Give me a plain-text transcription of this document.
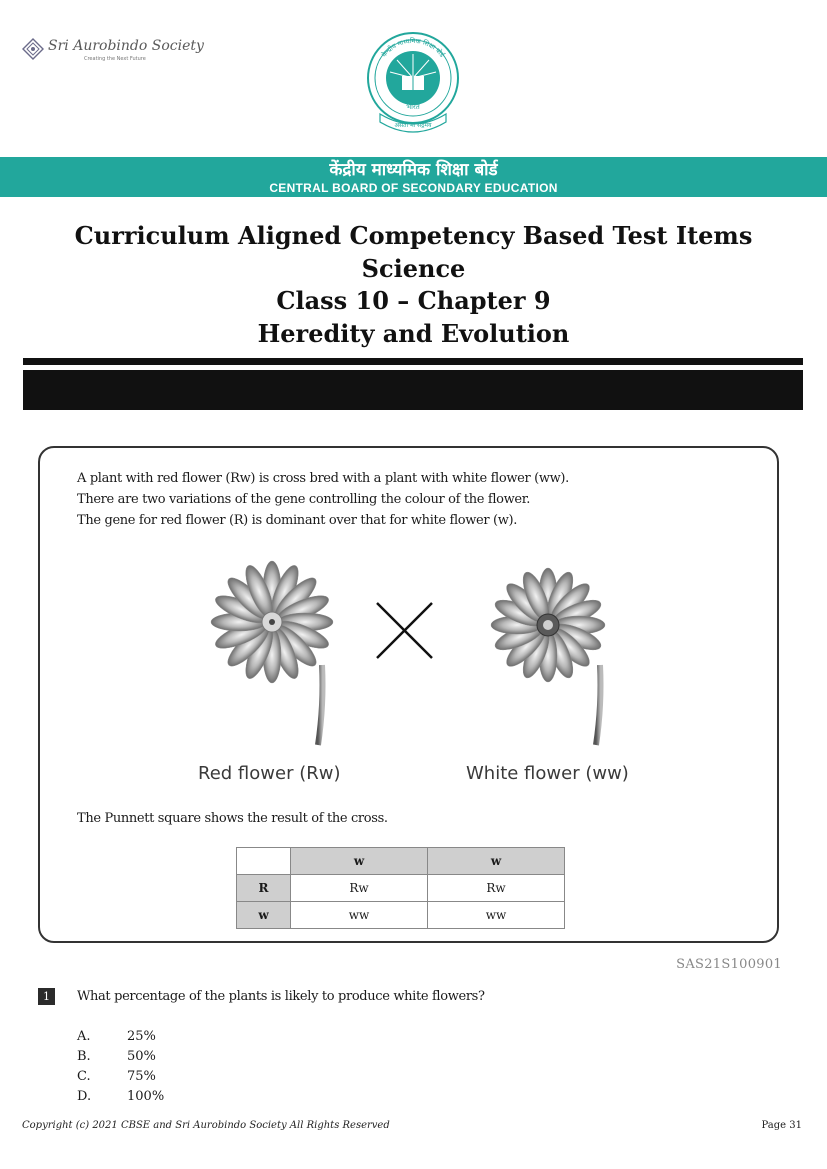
Sri Aurobindo Society
Creating the Next Future
भारत
असतो मा सद्गमय
केन्द्रीय माध्यमिक शिक्षा बोर्ड
केंद्रीय माध्यमिक शिक्षा बोर्ड
CENTRAL BOARD OF SECONDARY EDUCATION
Curriculum Aligned Competency Based Test Items
Science
Class 10 – Chapter 9
Heredity and Evolution
A plant with red flower (Rw) is cross bred with a plant with white flower (ww).
There are two variations of the gene controlling the colour of the flower.
The gene for red flower (R) is dominant over that for white flower (w).
Red flower (Rw)	White flower (ww)
The Punnett square shows the result of the cross.
	w	w
R	Rw	Rw
w	ww	ww
SAS21S100901
1	What percentage of the plants is likely to produce white flowers?
A.	25%
B.	50%
C.	75%
D.	100%
Copyright (c) 2021 CBSE and Sri Aurobindo Society All Rights Reserved	Page 31
